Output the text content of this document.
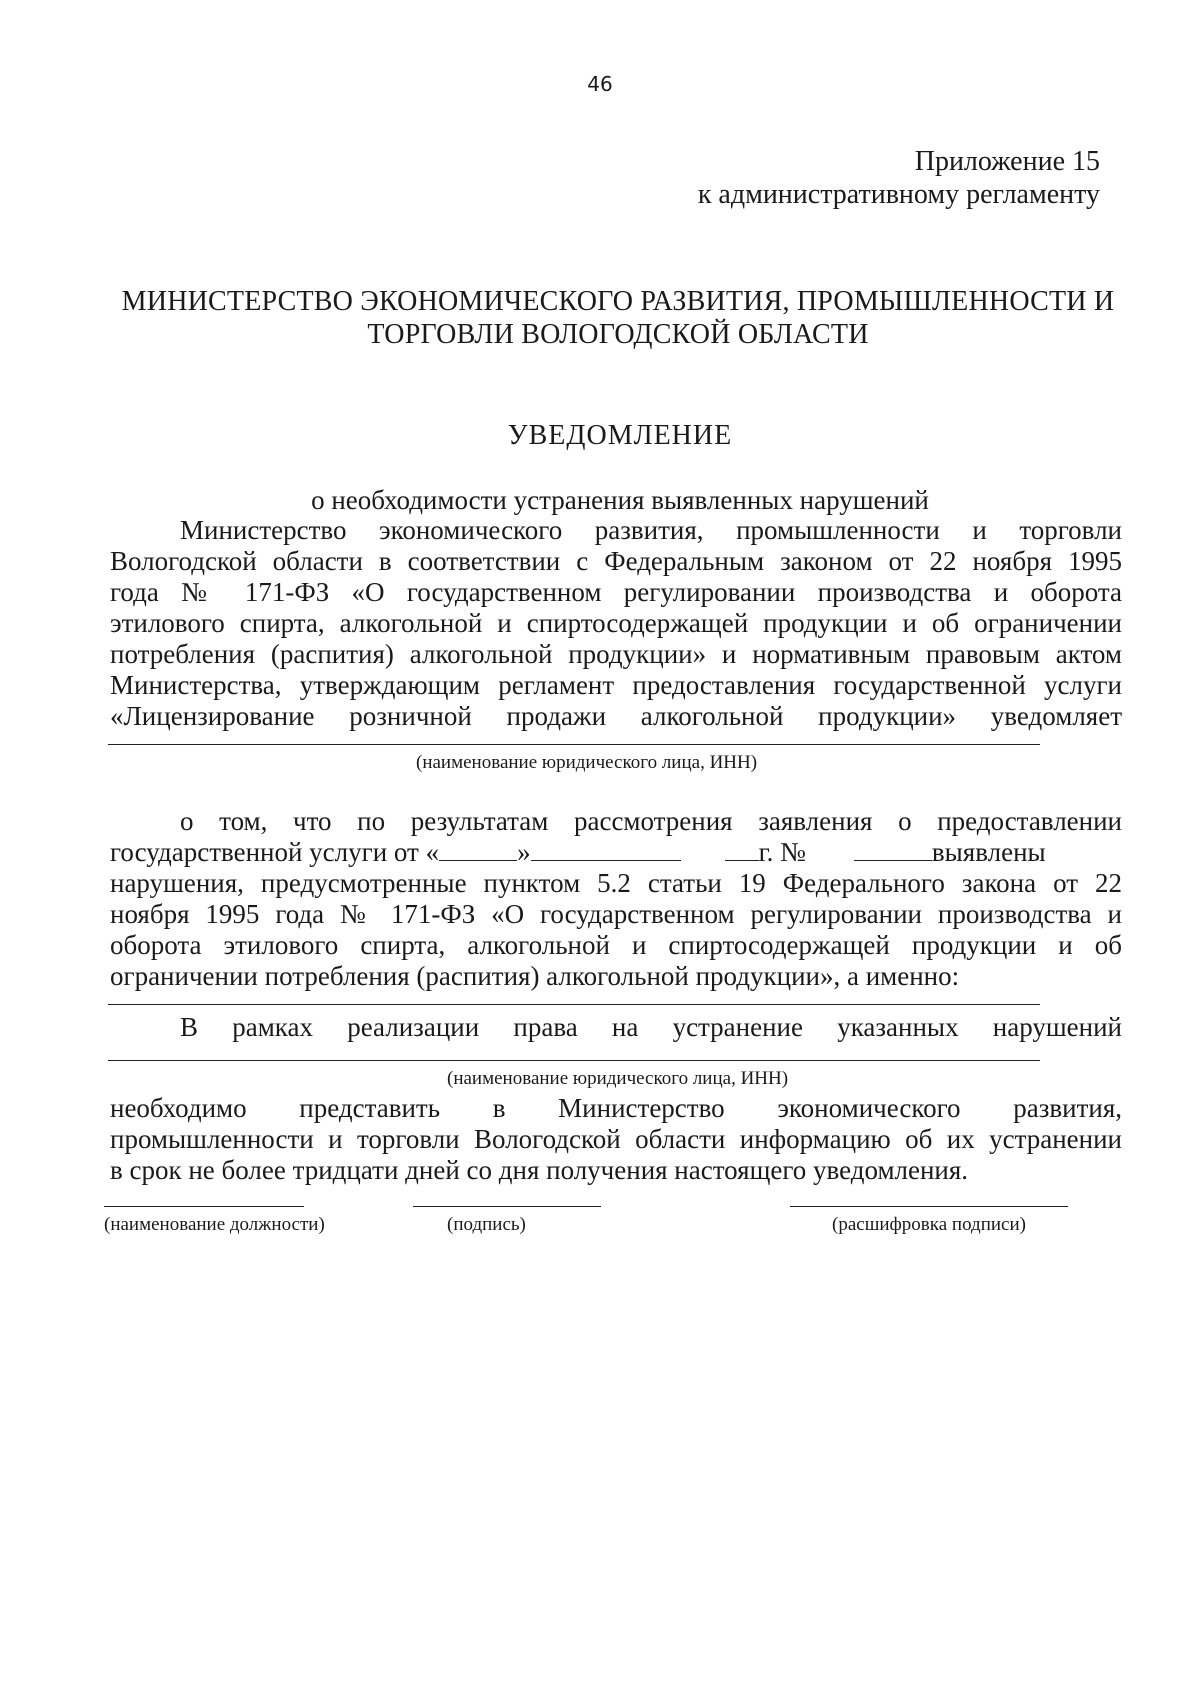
46
Приложение 15
к административному регламенту
МИНИСТЕРСТВО ЭКОНОМИЧЕСКОГО РАЗВИТИЯ, ПРОМЫШЛЕННОСТИ И
ТОРГОВЛИ ВОЛОГОДСКОЙ ОБЛАСТИ
УВЕДОМЛЕНИЕ
о необходимости устранения выявленных нарушений
Министерство экономического развития, промышленности и торговли
Вологодской области в соответствии с Федеральным законом от 22 ноября 1995
года № 171-ФЗ «О государственном регулировании производства и оборота
этилового спирта, алкогольной и спиртосодержащей продукции и об ограничении
потребления (распития) алкогольной продукции» и нормативным правовым актом
Министерства, утверждающим регламент предоставления государственной услуги
«Лицензирование розничной продажи алкогольной продукции» уведомляет
(наименование юридического лица, ИНН)
о том, что по результатам рассмотрения заявления о предоставлении
государственной услуги от «	»	г. №	выявлены
нарушения, предусмотренные пунктом 5.2 статьи 19 Федерального закона от 22
ноября 1995 года № 171-ФЗ «О государственном регулировании производства и
оборота этилового спирта, алкогольной и спиртосодержащей продукции и об
ограничении потребления (распития) алкогольной продукции», а именно:
В рамках реализации права на устранение указанных нарушений
(наименование юридического лица, ИНН)
необходимо представить в Министерство экономического развития,
промышленности и торговли Вологодской области информацию об их устранении
в срок не более тридцати дней со дня получения настоящего уведомления.
(наименование должности)	(подпись)	(расшифровка подписи)
